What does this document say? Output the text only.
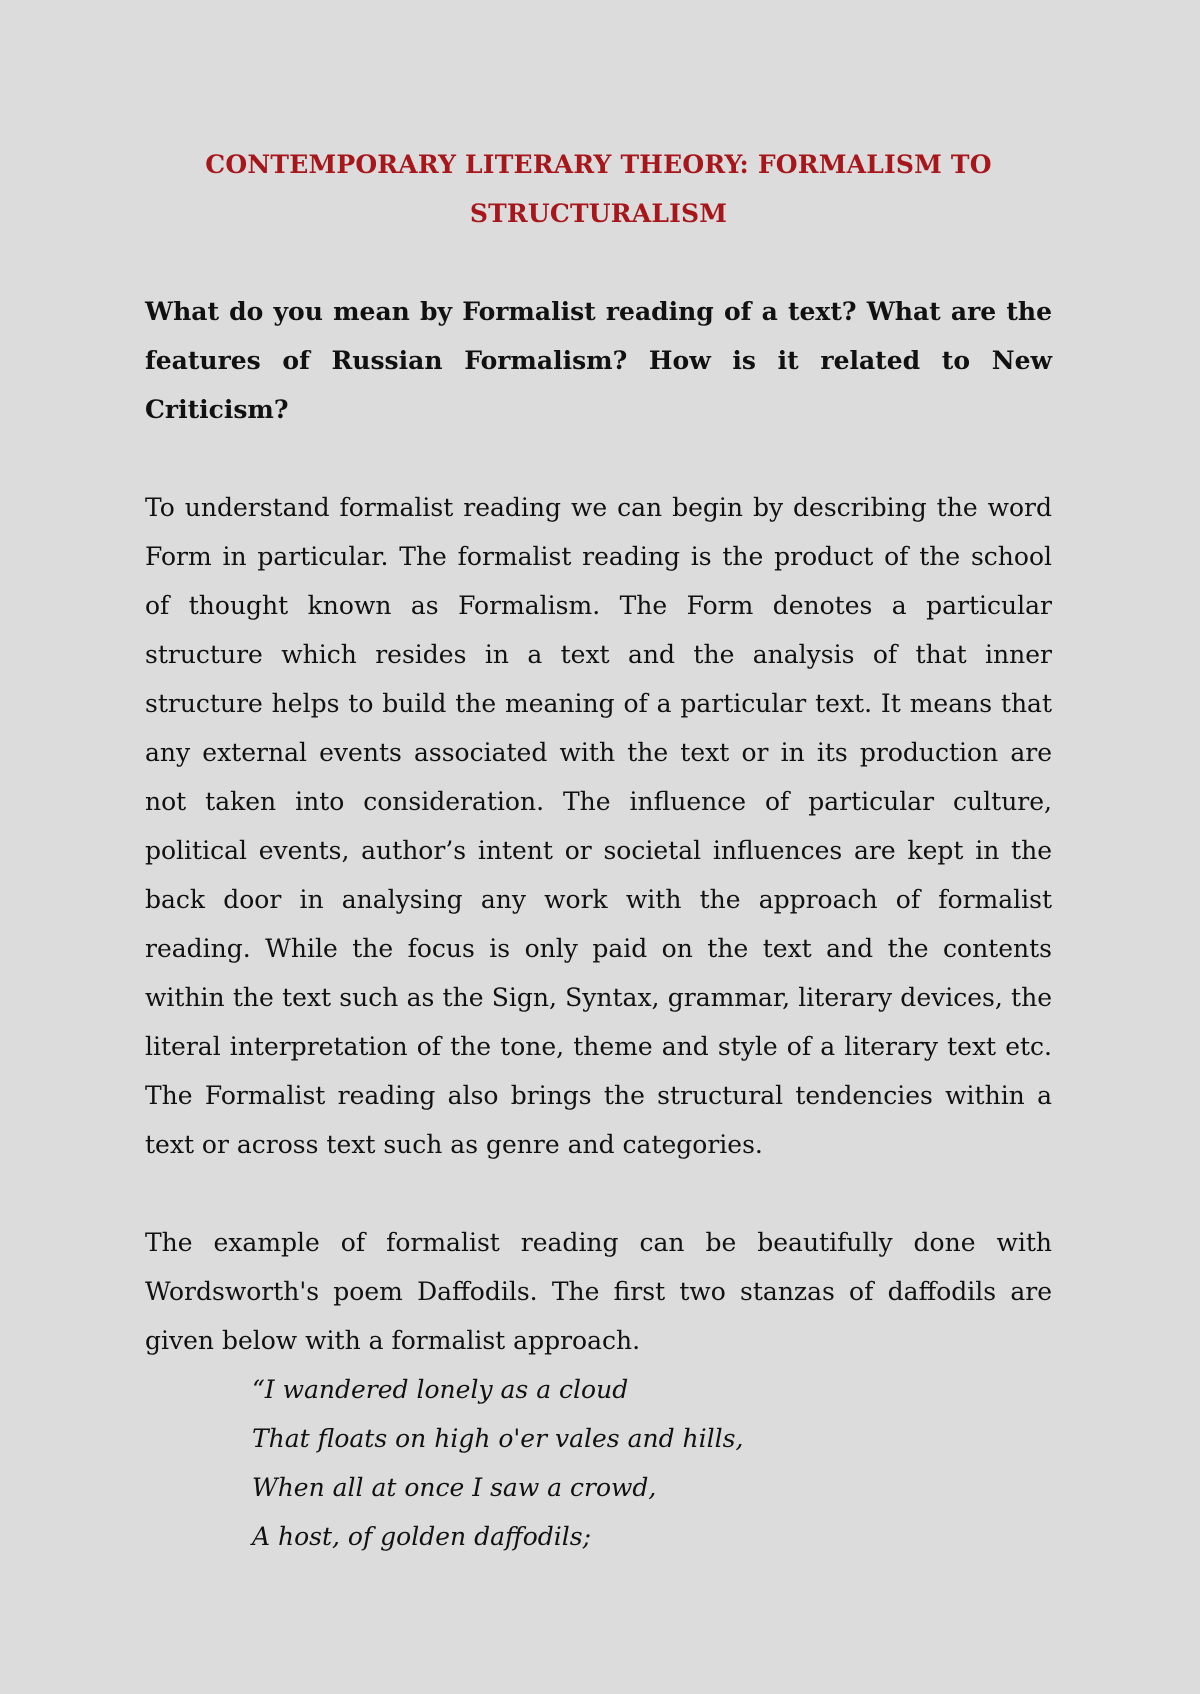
CONTEMPORARY LITERARY THEORY: FORMALISM TO STRUCTURALISM

What do you mean by Formalist reading of a text? What are the features of Russian Formalism? How is it related to New Criticism?

To understand formalist reading we can begin by describing the word Form in particular. The formalist reading is the product of the school of thought known as Formalism. The Form denotes a particular structure which resides in a text and the analysis of that inner structure helps to build the meaning of a particular text. It means that any external events associated with the text or in its production are not taken into consideration. The influence of particular culture, political events, author’s intent or societal influences are kept in the back door in analysing any work with the approach of formalist reading. While the focus is only paid on the text and the contents within the text such as the Sign, Syntax, grammar, literary devices, the literal interpretation of the tone, theme and style of a literary text etc. The Formalist reading also brings the structural tendencies within a text or across text such as genre and categories.

The example of formalist reading can be beautifully done with Wordsworth's poem Daffodils. The first two stanzas of daffodils are given below with a formalist approach.

“I wandered lonely as a cloud
That floats on high o'er vales and hills,
When all at once I saw a crowd,
A host, of golden daffodils;
